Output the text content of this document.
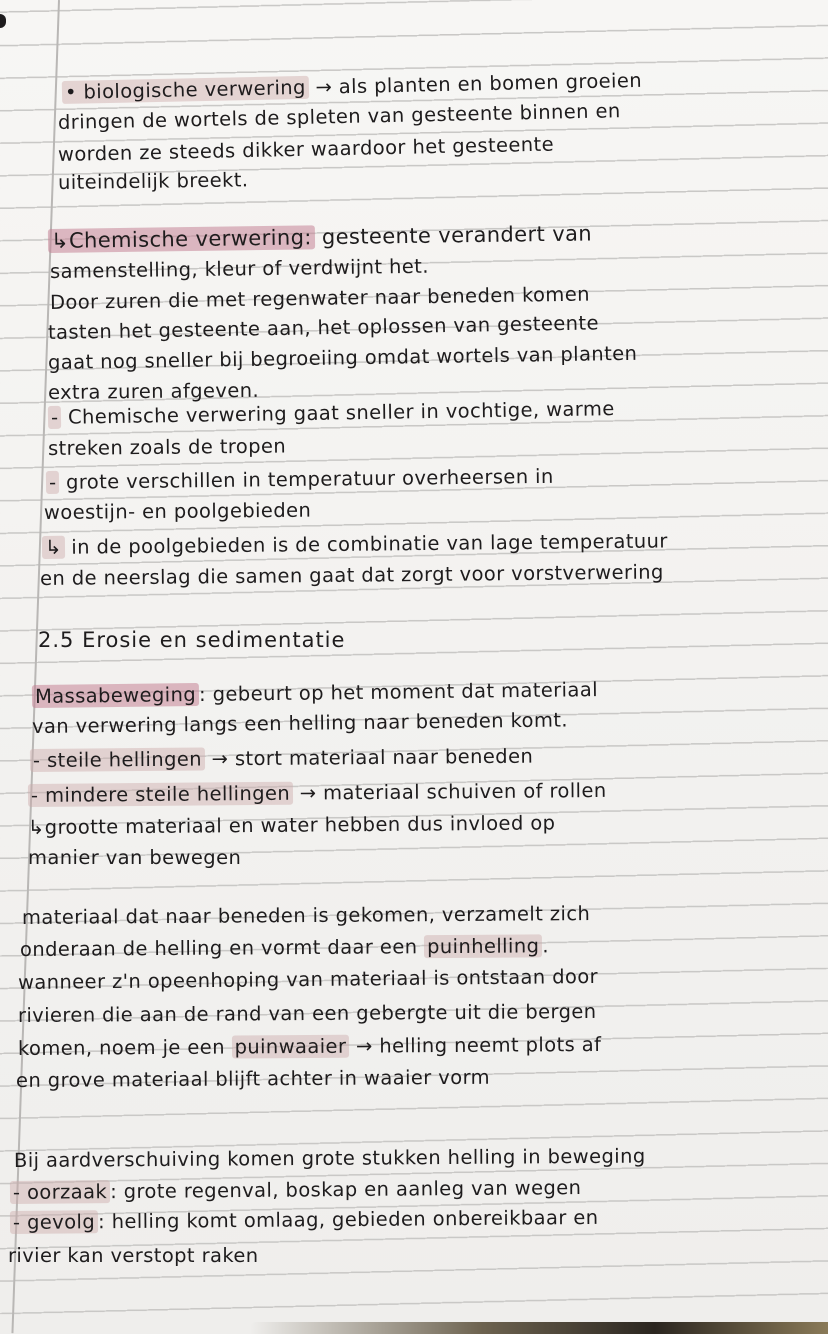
• biologische verwering → als planten en bomen groeien
dringen de wortels de spleten van gesteente binnen en
worden ze steeds dikker waardoor het gesteente
uiteindelijk breekt.
↳Chemische verwering: gesteente verandert van
samenstelling, kleur of verdwijnt het.
Door zuren die met regenwater naar beneden komen
tasten het gesteente aan, het oplossen van gesteente
gaat nog sneller bij begroeiing omdat wortels van planten
extra zuren afgeven.
- Chemische verwering gaat sneller in vochtige, warme
streken zoals de tropen
- grote verschillen in temperatuur overheersen in
woestijn- en poolgebieden
↳ in de poolgebieden is de combinatie van lage temperatuur
en de neerslag die samen gaat dat zorgt voor vorstverwering
2.5 Erosie en sedimentatie
Massabeweging : gebeurt op het moment dat materiaal
van verwering langs een helling naar beneden komt.
- steile hellingen → stort materiaal naar beneden
- mindere steile hellingen → materiaal schuiven of rollen
↳grootte materiaal en water hebben dus invloed op
manier van bewegen
materiaal dat naar beneden is gekomen, verzamelt zich
onderaan de helling en vormt daar een puinhelling .
wanneer z'n opeenhoping van materiaal is ontstaan door
rivieren die aan de rand van een gebergte uit die bergen
komen, noem je een puinwaaier → helling neemt plots af
en grove materiaal blijft achter in waaier vorm
Bij aardverschuiving komen grote stukken helling in beweging
- oorzaak : grote regenval, boskap en aanleg van wegen
- gevolg : helling komt omlaag, gebieden onbereikbaar en
rivier kan verstopt raken
